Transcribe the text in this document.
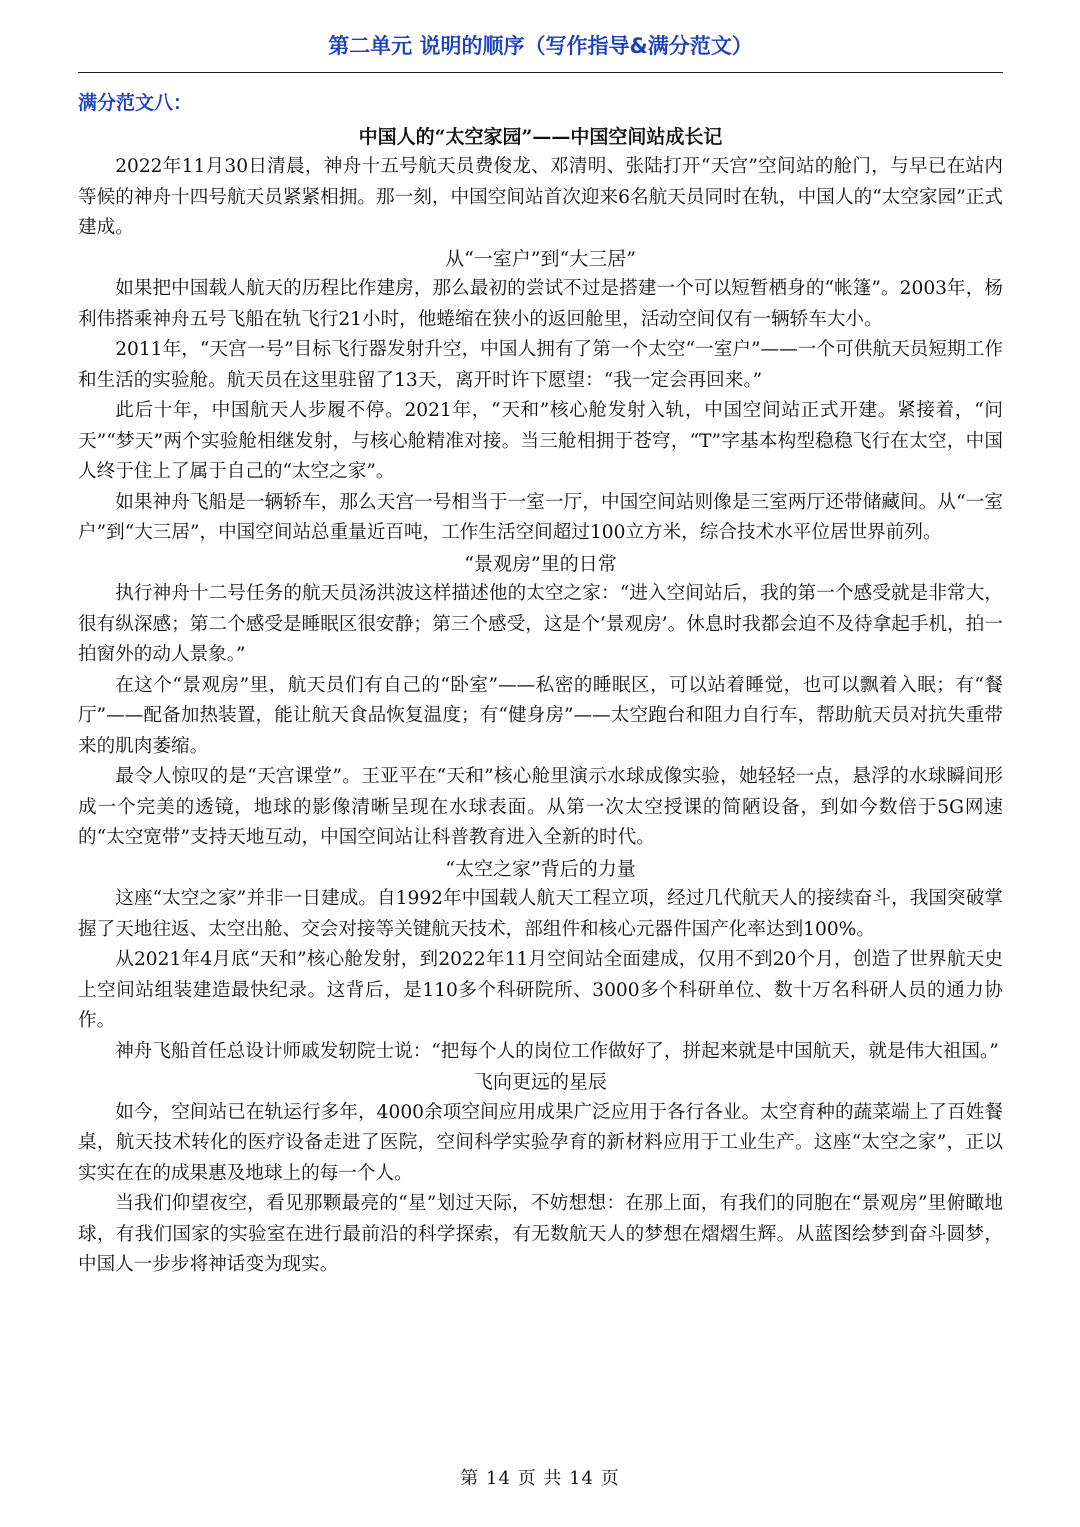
第二单元 说明的顺序（写作指导&满分范文）
满分范文八：
中国人的“太空家园”——中国空间站成长记

2022年11月30日清晨，神舟十五号航天员费俊龙、邓清明、张陆打开“天宫”空间站的舱门，与早已在站内等候的神舟十四号航天员紧紧相拥。那一刻，中国空间站首次迎来6名航天员同时在轨，中国人的“太空家园”正式建成。

从“一室户”到“大三居”

如果把中国载人航天的历程比作建房，那么最初的尝试不过是搭建一个可以短暂栖身的“帐篷”。2003年，杨利伟搭乘神舟五号飞船在轨飞行21小时，他蜷缩在狭小的返回舱里，活动空间仅有一辆轿车大小。

2011年，“天宫一号”目标飞行器发射升空，中国人拥有了第一个太空“一室户”——一个可供航天员短期工作和生活的实验舱。航天员在这里驻留了13天，离开时许下愿望：“我一定会再回来。”

此后十年，中国航天人步履不停。2021年，“天和”核心舱发射入轨，中国空间站正式开建。紧接着，“问天”“梦天”两个实验舱相继发射，与核心舱精准对接。当三舱相拥于苍穹，“T”字基本构型稳稳飞行在太空，中国人终于住上了属于自己的“太空之家”。

如果神舟飞船是一辆轿车，那么天宫一号相当于一室一厅，中国空间站则像是三室两厅还带储藏间。从“一室户”到“大三居”，中国空间站总重量近百吨，工作生活空间超过100立方米，综合技术水平位居世界前列。

“景观房”里的日常

执行神舟十二号任务的航天员汤洪波这样描述他的太空之家：“进入空间站后，我的第一个感受就是非常大，很有纵深感；第二个感受是睡眠区很安静；第三个感受，这是个‘景观房’。休息时我都会迫不及待拿起手机，拍一拍窗外的动人景象。”

在这个“景观房”里，航天员们有自己的“卧室”——私密的睡眠区，可以站着睡觉，也可以飘着入眠；有“餐厅”——配备加热装置，能让航天食品恢复温度；有“健身房”——太空跑台和阻力自行车，帮助航天员对抗失重带来的肌肉萎缩。

最令人惊叹的是“天宫课堂”。王亚平在“天和”核心舱里演示水球成像实验，她轻轻一点，悬浮的水球瞬间形成一个完美的透镜，地球的影像清晰呈现在水球表面。从第一次太空授课的简陋设备，到如今数倍于5G网速的“太空宽带”支持天地互动，中国空间站让科普教育进入全新的时代。

“太空之家”背后的力量

这座“太空之家”并非一日建成。自1992年中国载人航天工程立项，经过几代航天人的接续奋斗，我国突破掌握了天地往返、太空出舱、交会对接等关键航天技术，部组件和核心元器件国产化率达到100%。

从2021年4月底“天和”核心舱发射，到2022年11月空间站全面建成，仅用不到20个月，创造了世界航天史上空间站组装建造最快纪录。这背后，是110多个科研院所、3000多个科研单位、数十万名科研人员的通力协作。

神舟飞船首任总设计师戚发轫院士说：“把每个人的岗位工作做好了，拼起来就是中国航天，就是伟大祖国。”

飞向更远的星辰

如今，空间站已在轨运行多年，4000余项空间应用成果广泛应用于各行各业。太空育种的蔬菜端上了百姓餐桌，航天技术转化的医疗设备走进了医院，空间科学实验孕育的新材料应用于工业生产。这座“太空之家”，正以实实在在的成果惠及地球上的每一个人。

当我们仰望夜空，看见那颗最亮的“星”划过天际，不妨想想：在那上面，有我们的同胞在“景观房”里俯瞰地球，有我们国家的实验室在进行最前沿的科学探索，有无数航天人的梦想在熠熠生辉。从蓝图绘梦到奋斗圆梦，中国人一步步将神话变为现实。

第 14 页 共 14 页
